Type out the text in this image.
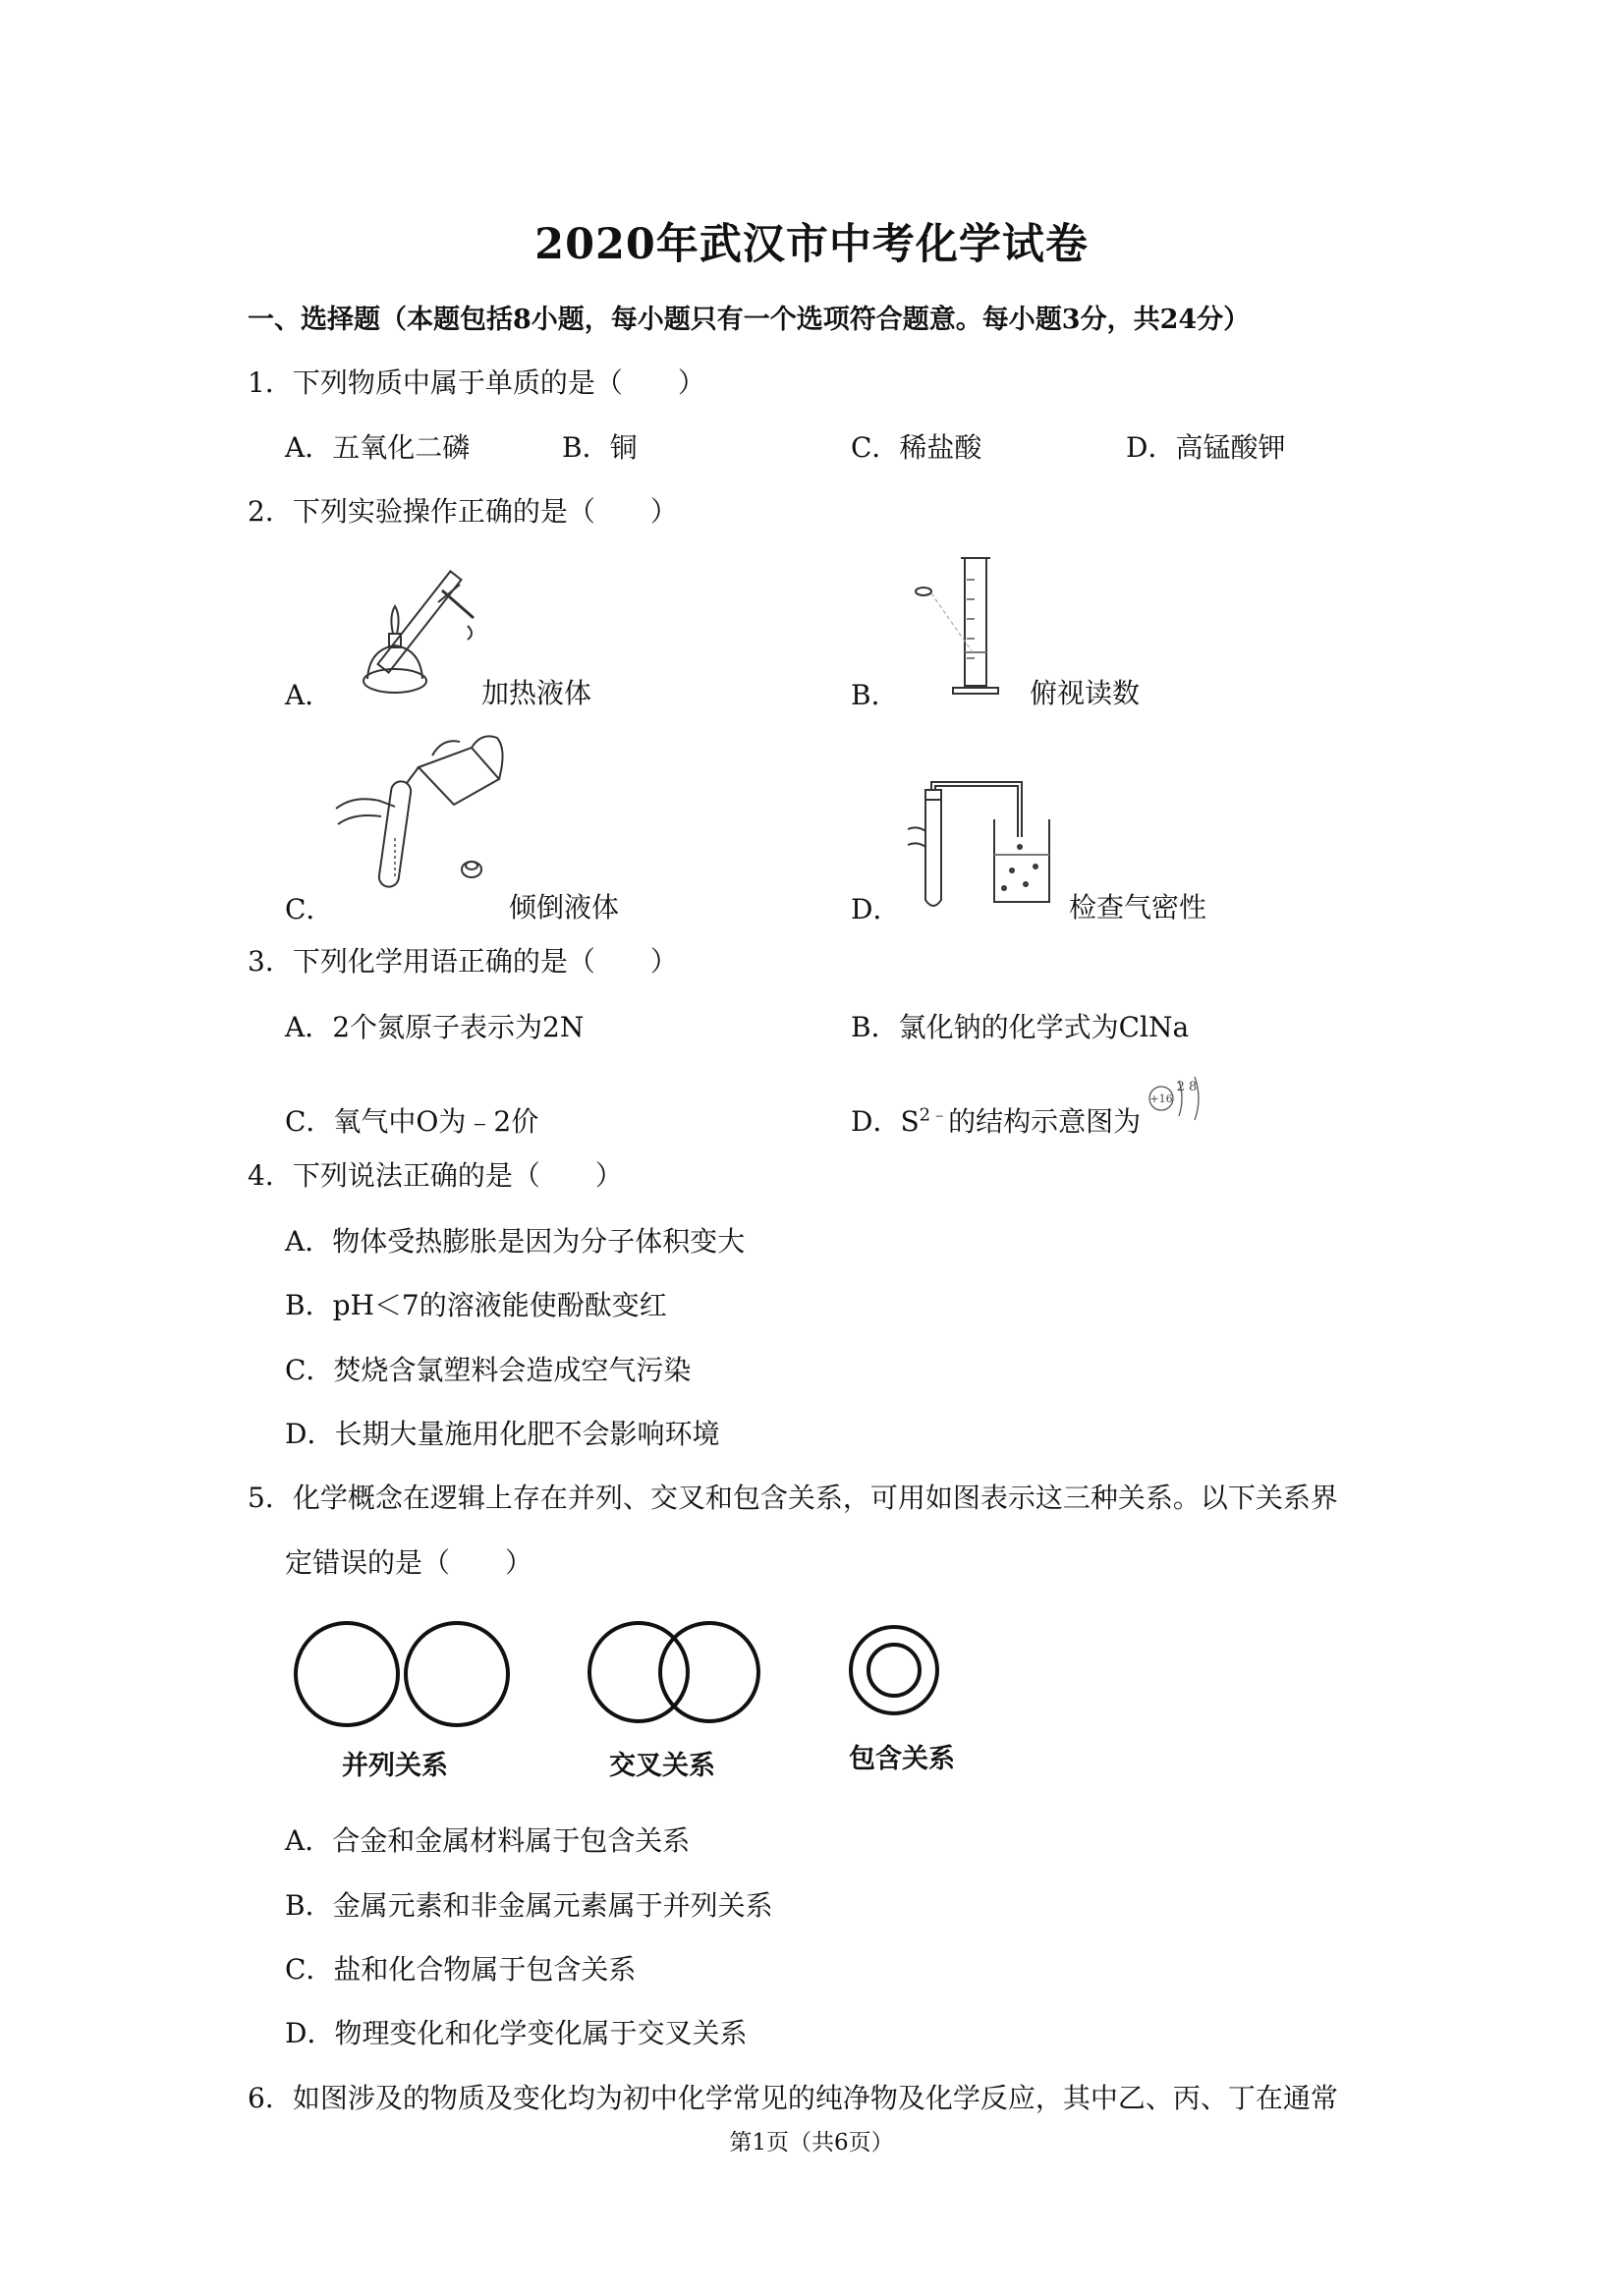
2020年武汉市中考化学试卷
一、选择题（本题包括8小题，每小题只有一个选项符合题意。每小题3分，共24分）
1．下列物质中属于单质的是（　　）
A．五氧化二磷	B．铜	C．稀盐酸	D．高锰酸钾
2．下列实验操作正确的是（　　）
A．	加热液体	B．	俯视读数
C．	倾倒液体	D．	检查气密性
3．下列化学用语正确的是（　　）
A．2个氮原子表示为2N	B．氯化钠的化学式为ClNa
C．氧气中O为﹣2价	D．$S^{2﹣}$的结构示意图为
+16
2 8
4．下列说法正确的是（　　）
A．物体受热膨胀是因为分子体积变大
B．pH＜7的溶液能使酚酞变红
C．焚烧含氯塑料会造成空气污染
D．长期大量施用化肥不会影响环境
5．化学概念在逻辑上存在并列、交叉和包含关系，可用如图表示这三种关系。以下关系界
定错误的是（　　）
并列关系	交叉关系	包含关系
A．合金和金属材料属于包含关系
B．金属元素和非金属元素属于并列关系
C．盐和化合物属于包含关系
D．物理变化和化学变化属于交叉关系
6．如图涉及的物质及变化均为初中化学常见的纯净物及化学反应，其中乙、丙、丁在通常
第1页（共6页）
